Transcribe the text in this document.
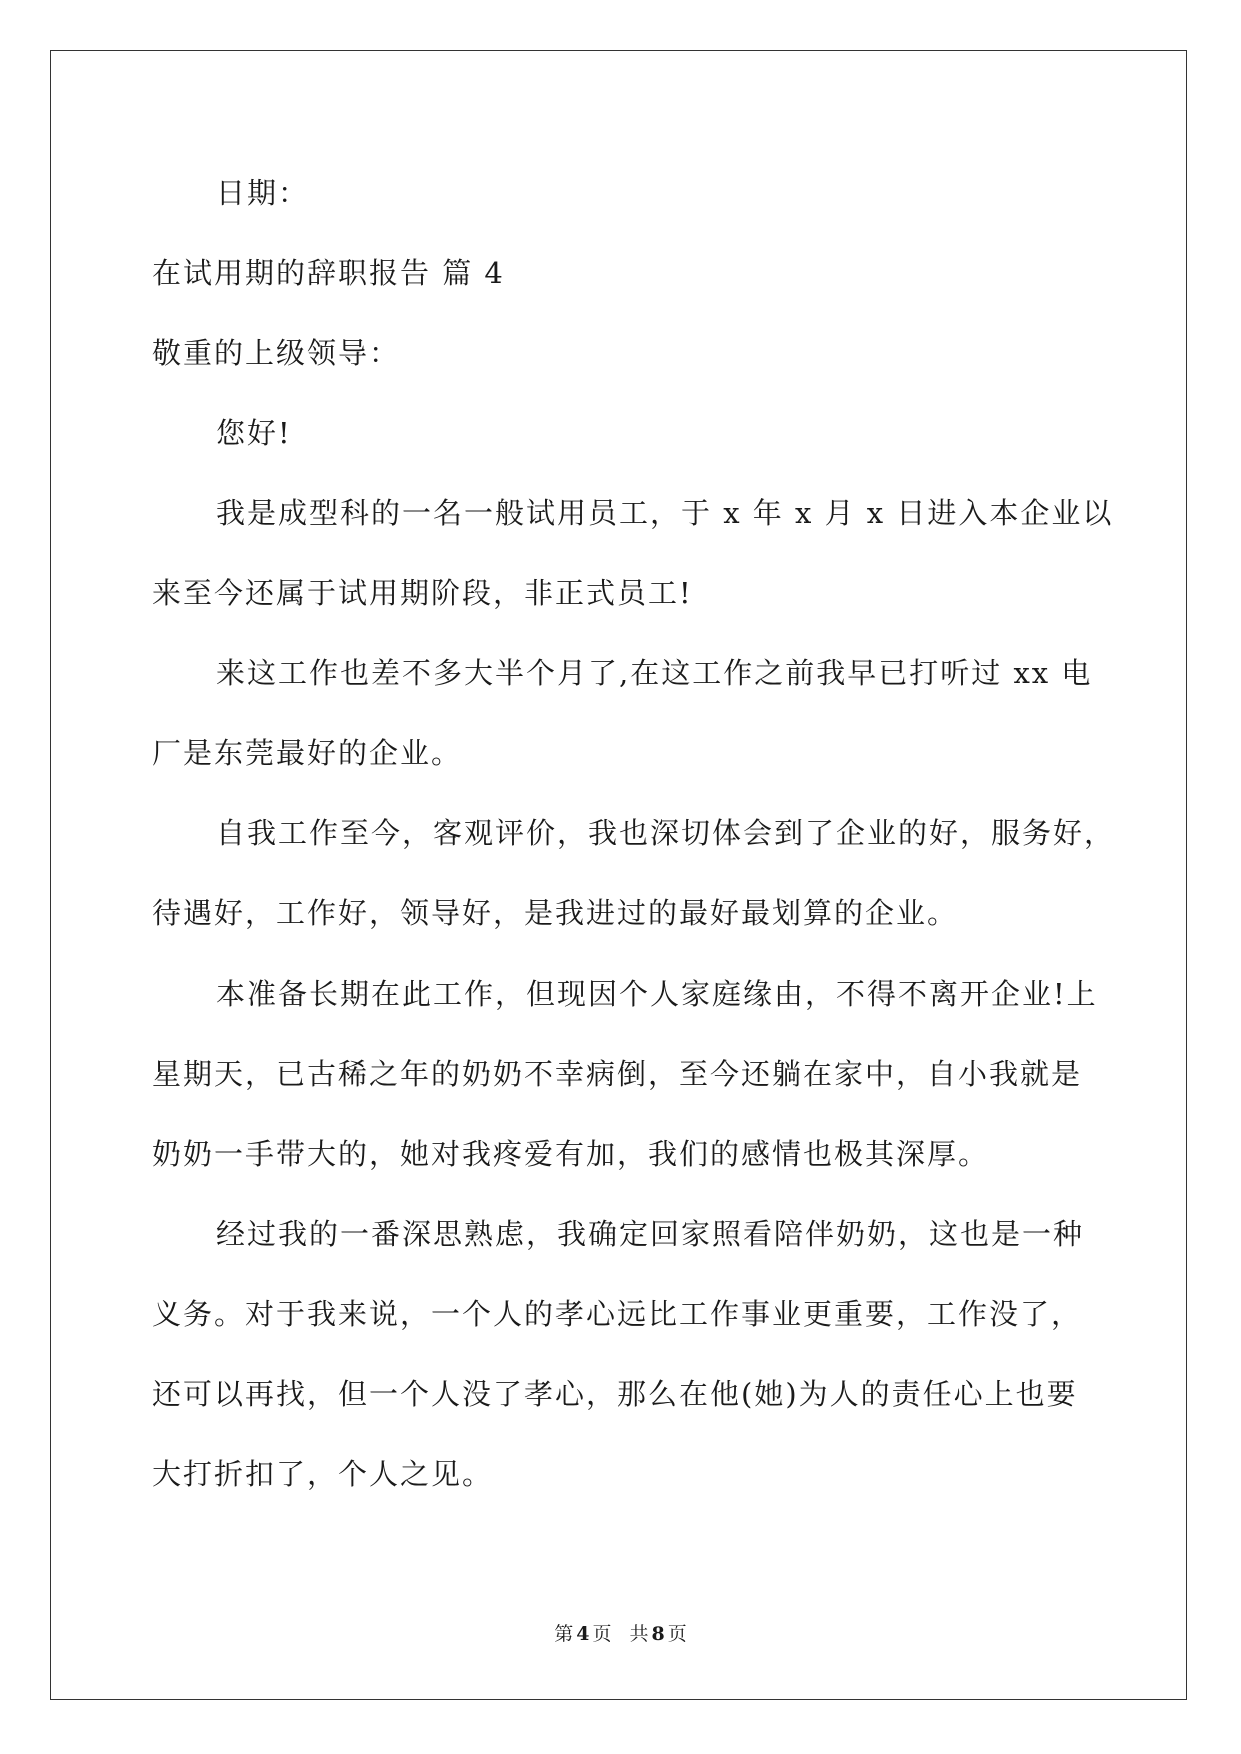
日期：
在试用期的辞职报告 篇 4
敬重的上级领导：
您好!
我是成型科的一名一般试用员工，于 x 年 x 月 x 日进入本企业以
来至今还属于试用期阶段，非正式员工!
来这工作也差不多大半个月了,在这工作之前我早已打听过 xx 电
厂是东莞最好的企业。
自我工作至今，客观评价，我也深切体会到了企业的好，服务好，
待遇好，工作好，领导好，是我进过的最好最划算的企业。
本准备长期在此工作，但现因个人家庭缘由，不得不离开企业!上
星期天，已古稀之年的奶奶不幸病倒，至今还躺在家中，自小我就是
奶奶一手带大的，她对我疼爱有加，我们的感情也极其深厚。
经过我的一番深思熟虑，我确定回家照看陪伴奶奶，这也是一种
义务。对于我来说，一个人的孝心远比工作事业更重要，工作没了，
还可以再找，但一个人没了孝心，那么在他(她)为人的责任心上也要
大打折扣了，个人之见。
第 4 页 共 8 页
